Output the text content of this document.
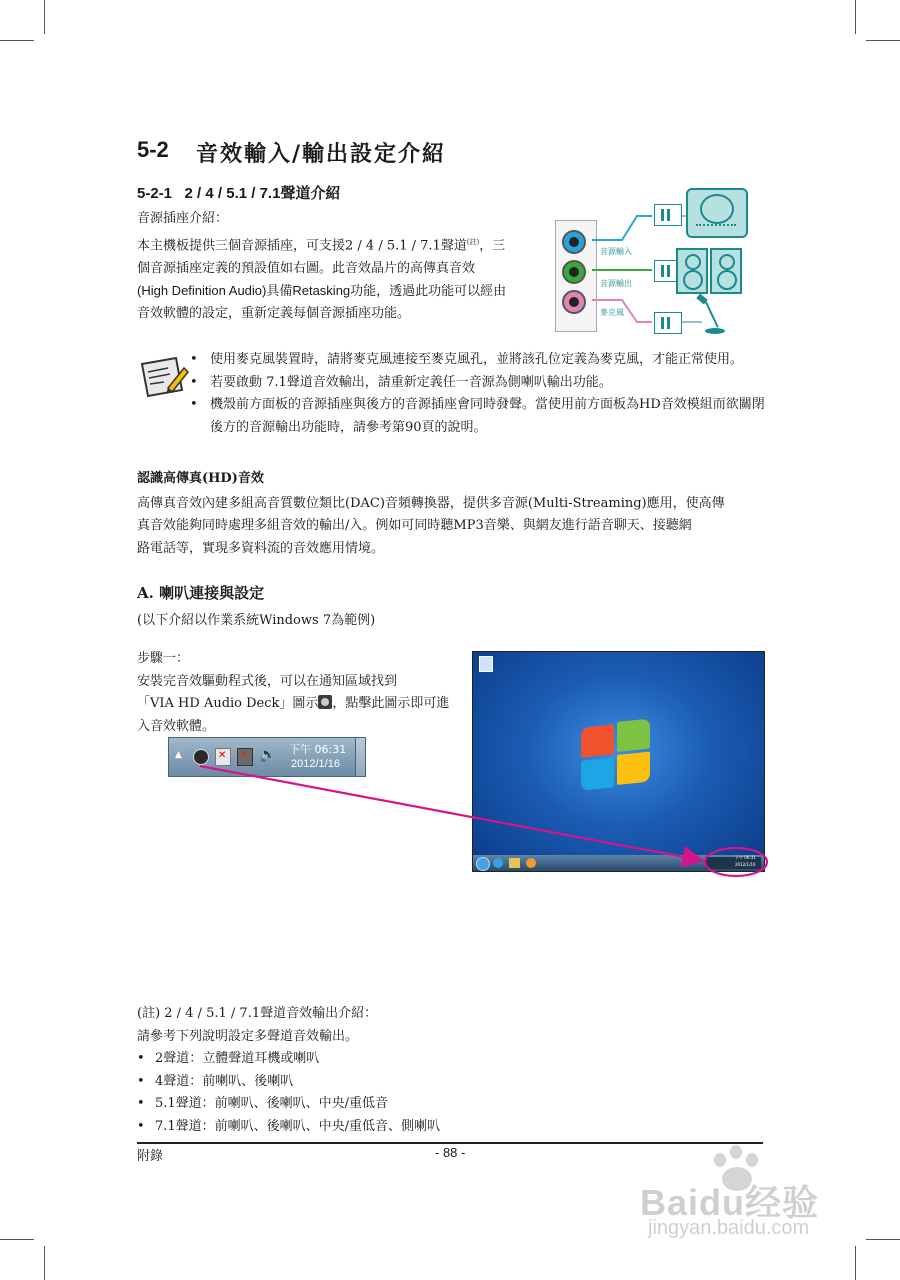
5-2 音效輸入/輸出設定介紹
5-2-1 2 / 4 / 5.1 / 7.1聲道介紹
音源插座介紹：
本主機板提供三個音源插座，可支援2 / 4 / 5.1 / 7.1聲道$^{(註)}$，三
個音源插座定義的預設值如右圖。此音效晶片的高傳真音效
(High Definition Audio)具備Retasking功能，透過此功能可以經由
音效軟體的設定，重新定義每個音源插座功能。
音源輸入
音源輸出
麥克風
• 使用麥克風裝置時，請將麥克風連接至麥克風孔，並將該孔位定義為麥克風，才能正常使用。
• 若要啟動 7.1聲道音效輸出，請重新定義任一音源為側喇叭輸出功能。
• 機殼前方面板的音源插座與後方的音源插座會同時發聲。當使用前方面板為HD音效模組而欲關閉後方的音源輸出功能時，請參考第90頁的說明。
認識高傳真(HD)音效
高傳真音效內建多組高音質數位類比(DAC)音頻轉換器，提供多音源(Multi-Streaming)應用，使高傳
真音效能夠同時處理多組音效的輸出/入。例如可同時聽MP3音樂、與網友進行語音聊天、接聽網
路電話等，實現多資料流的音效應用情境。
A. 喇叭連接與設定
(以下介紹以作業系統Windows 7為範例)
步驟一：
安裝完音效驅動程式後，可以在通知區域找到
「VIA HD Audio Deck」圖示 ，點擊此圖示即可進
入音效軟體。
▲	✕ ✕ 🔈 下午 06:31
2012/1/16
下午 06:31
2012/1/16
(註) 2 / 4 / 5.1 / 7.1聲道音效輸出介紹：
請參考下列說明設定多聲道音效輸出。
• 2聲道：立體聲道耳機或喇叭
• 4聲道：前喇叭、後喇叭
• 5.1聲道：前喇叭、後喇叭、中央/重低音
• 7.1聲道：前喇叭、後喇叭、中央/重低音、側喇叭
附錄	- 88 -
Baidu经验
jingyan.baidu.com
